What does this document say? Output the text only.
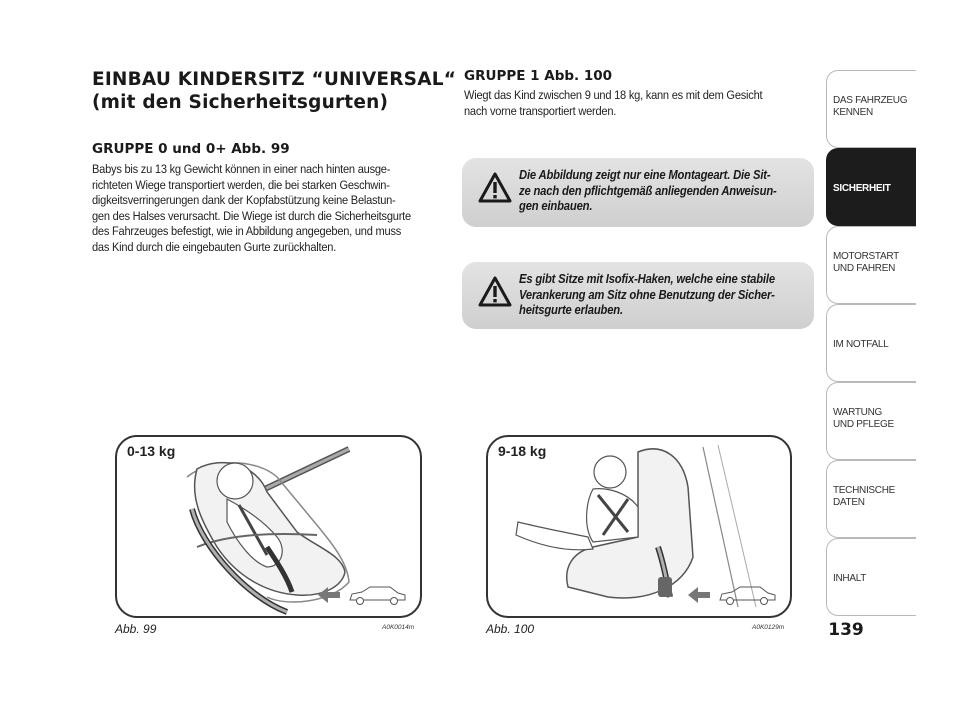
EINBAU KINDERSITZ “UNIVERSAL“
(mit den Sicherheitsgurten)
GRUPPE 0 und 0+ Abb. 99
Babys bis zu 13 kg Gewicht können in einer nach hinten ausge-
richteten Wiege transportiert werden, die bei starken Geschwin-
digkeitsverringerungen dank der Kopfabstützung keine Belastun-
gen des Halses verursacht. Die Wiege ist durch die Sicherheitsgurte
des Fahrzeuges befestigt, wie in Abbildung angegeben, und muss
das Kind durch die eingebauten Gurte zurückhalten.
GRUPPE 1 Abb. 100
Wiegt das Kind zwischen 9 und 18 kg, kann es mit dem Gesicht
nach vorne transportiert werden.
Die Abbildung zeigt nur eine Montageart. Die Sit-
ze nach den pflichtgemäß anliegenden Anweisun-
gen einbauen.
Es gibt Sitze mit Isofix-Haken, welche eine stabile
Verankerung am Sitz ohne Benutzung der Sicher-
heitsgurte erlauben.
0-13 kg
Abb. 99	A0K0014m
9-18 kg
Abb. 100	A0K0129m
DAS FAHRZEUG
KENNEN
SICHERHEIT
MOTORSTART
UND FAHREN
IM NOTFALL
WARTUNG
UND PFLEGE
TECHNISCHE
DATEN
INHALT
139
